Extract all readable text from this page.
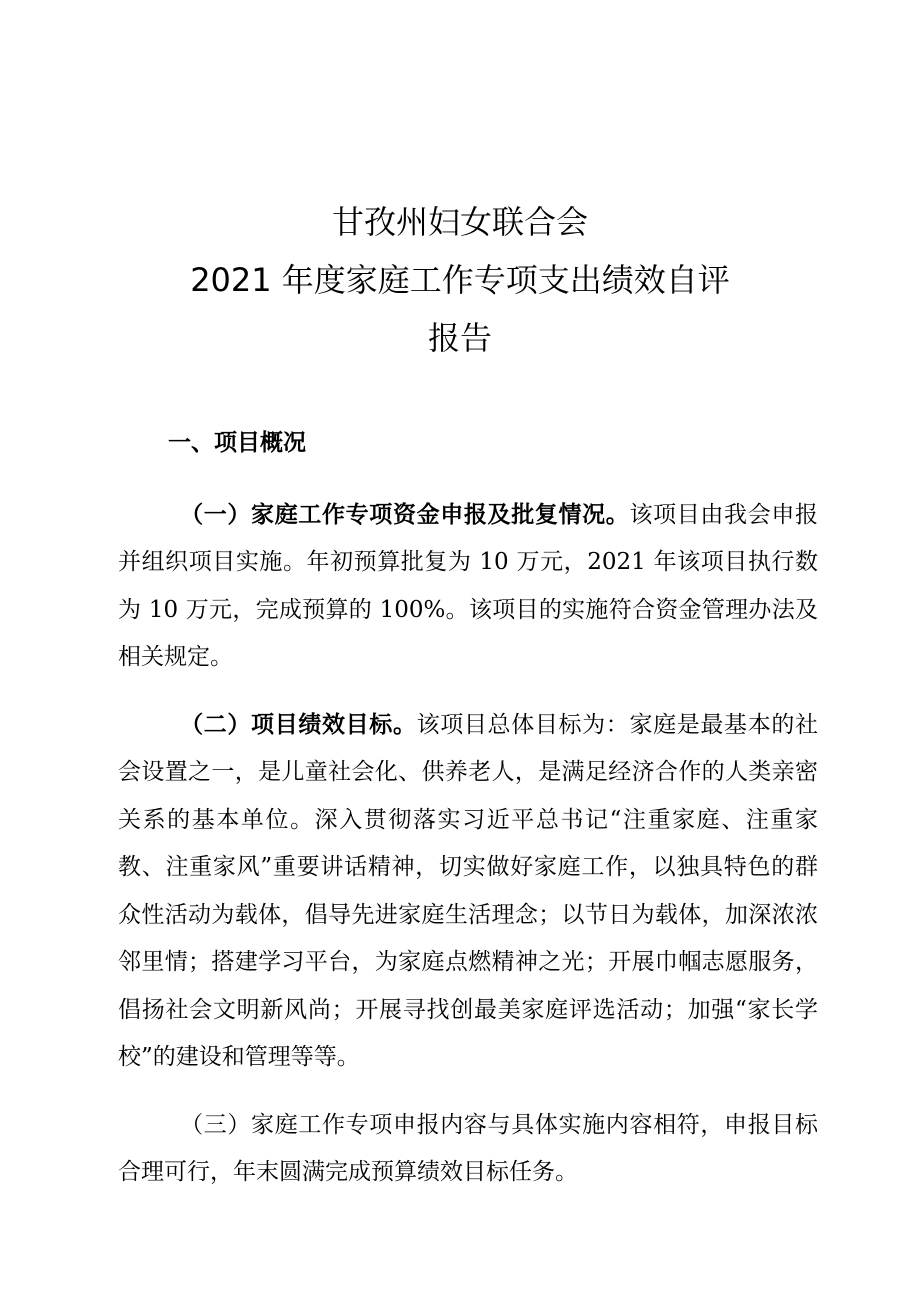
甘孜州妇女联合会
2021 年度家庭工作专项支出绩效自评
报告

一、项目概况

（一）家庭工作专项资金申报及批复情况。该项目由我会申报并组织项目实施。年初预算批复为 10 万元，2021 年该项目执行数为 10 万元，完成预算的 100%。该项目的实施符合资金管理办法及相关规定。

（二）项目绩效目标。该项目总体目标为：家庭是最基本的社会设置之一，是儿童社会化、供养老人，是满足经济合作的人类亲密关系的基本单位。深入贯彻落实习近平总书记“注重家庭、注重家教、注重家风”重要讲话精神，切实做好家庭工作，以独具特色的群众性活动为载体，倡导先进家庭生活理念；以节日为载体，加深浓浓邻里情；搭建学习平台，为家庭点燃精神之光；开展巾帼志愿服务，倡扬社会文明新风尚；开展寻找创最美家庭评选活动；加强“家长学校”的建设和管理等等。

（三）家庭工作专项申报内容与具体实施内容相符，申报目标合理可行，年末圆满完成预算绩效目标任务。
